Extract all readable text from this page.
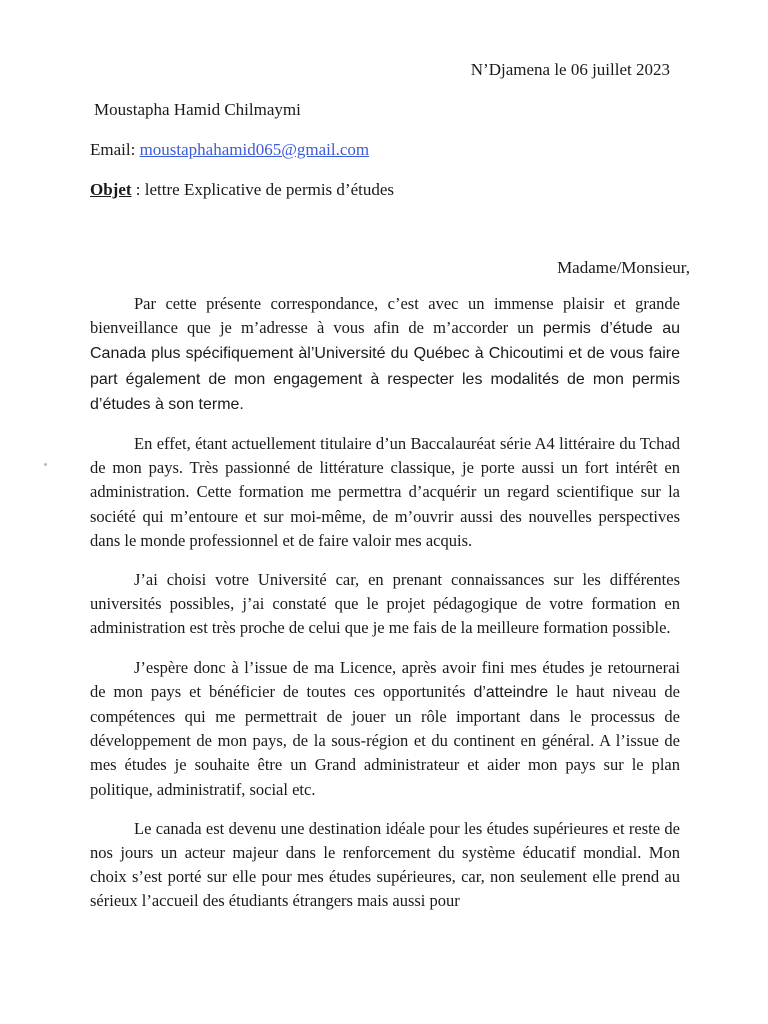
N’Djamena le 06 juillet 2023
Moustapha Hamid Chilmaymi
Email: moustaphahamid065@gmail.com
Objet : lettre Explicative de permis d’études
Madame/Monsieur,

Par cette présente correspondance, c’est avec un immense plaisir et grande bienveillance que je m’adresse à vous afin de m’accorder un permis d’étude au Canada plus spécifiquement àl’Université du Québec à Chicoutimi et de vous faire part également de mon engagement à respecter les modalités de mon permis d’études à son terme.

En effet, étant actuellement titulaire d’un Baccalauréat série A4 littéraire du Tchad de mon pays. Très passionné de littérature classique, je porte aussi un fort intérêt en administration. Cette formation me permettra d’acquérir un regard scientifique sur la société qui m’entoure et sur moi-même, de m’ouvrir aussi des nouvelles perspectives dans le monde professionnel et de faire valoir mes acquis.

J’ai choisi votre Université car, en prenant connaissances sur les différentes universités possibles, j’ai constaté que le projet pédagogique de votre formation en administration est très proche de celui que je me fais de la meilleure formation possible.

J’espère donc à l’issue de ma Licence, après avoir fini mes études je retournerai de mon pays et bénéficier de toutes ces opportunités d’atteindre le haut niveau de compétences qui me permettrait de jouer un rôle important dans le processus de développement de mon pays, de la sous-région et du continent en général. A l’issue de mes études je souhaite être un Grand administrateur et aider mon pays sur le plan politique, administratif, social etc.

Le canada est devenu une destination idéale pour les études supérieures et reste de nos jours un acteur majeur dans le renforcement du système éducatif mondial. Mon choix s’est porté sur elle pour mes études supérieures, car, non seulement elle prend au sérieux l’accueil des étudiants étrangers mais aussi pour
